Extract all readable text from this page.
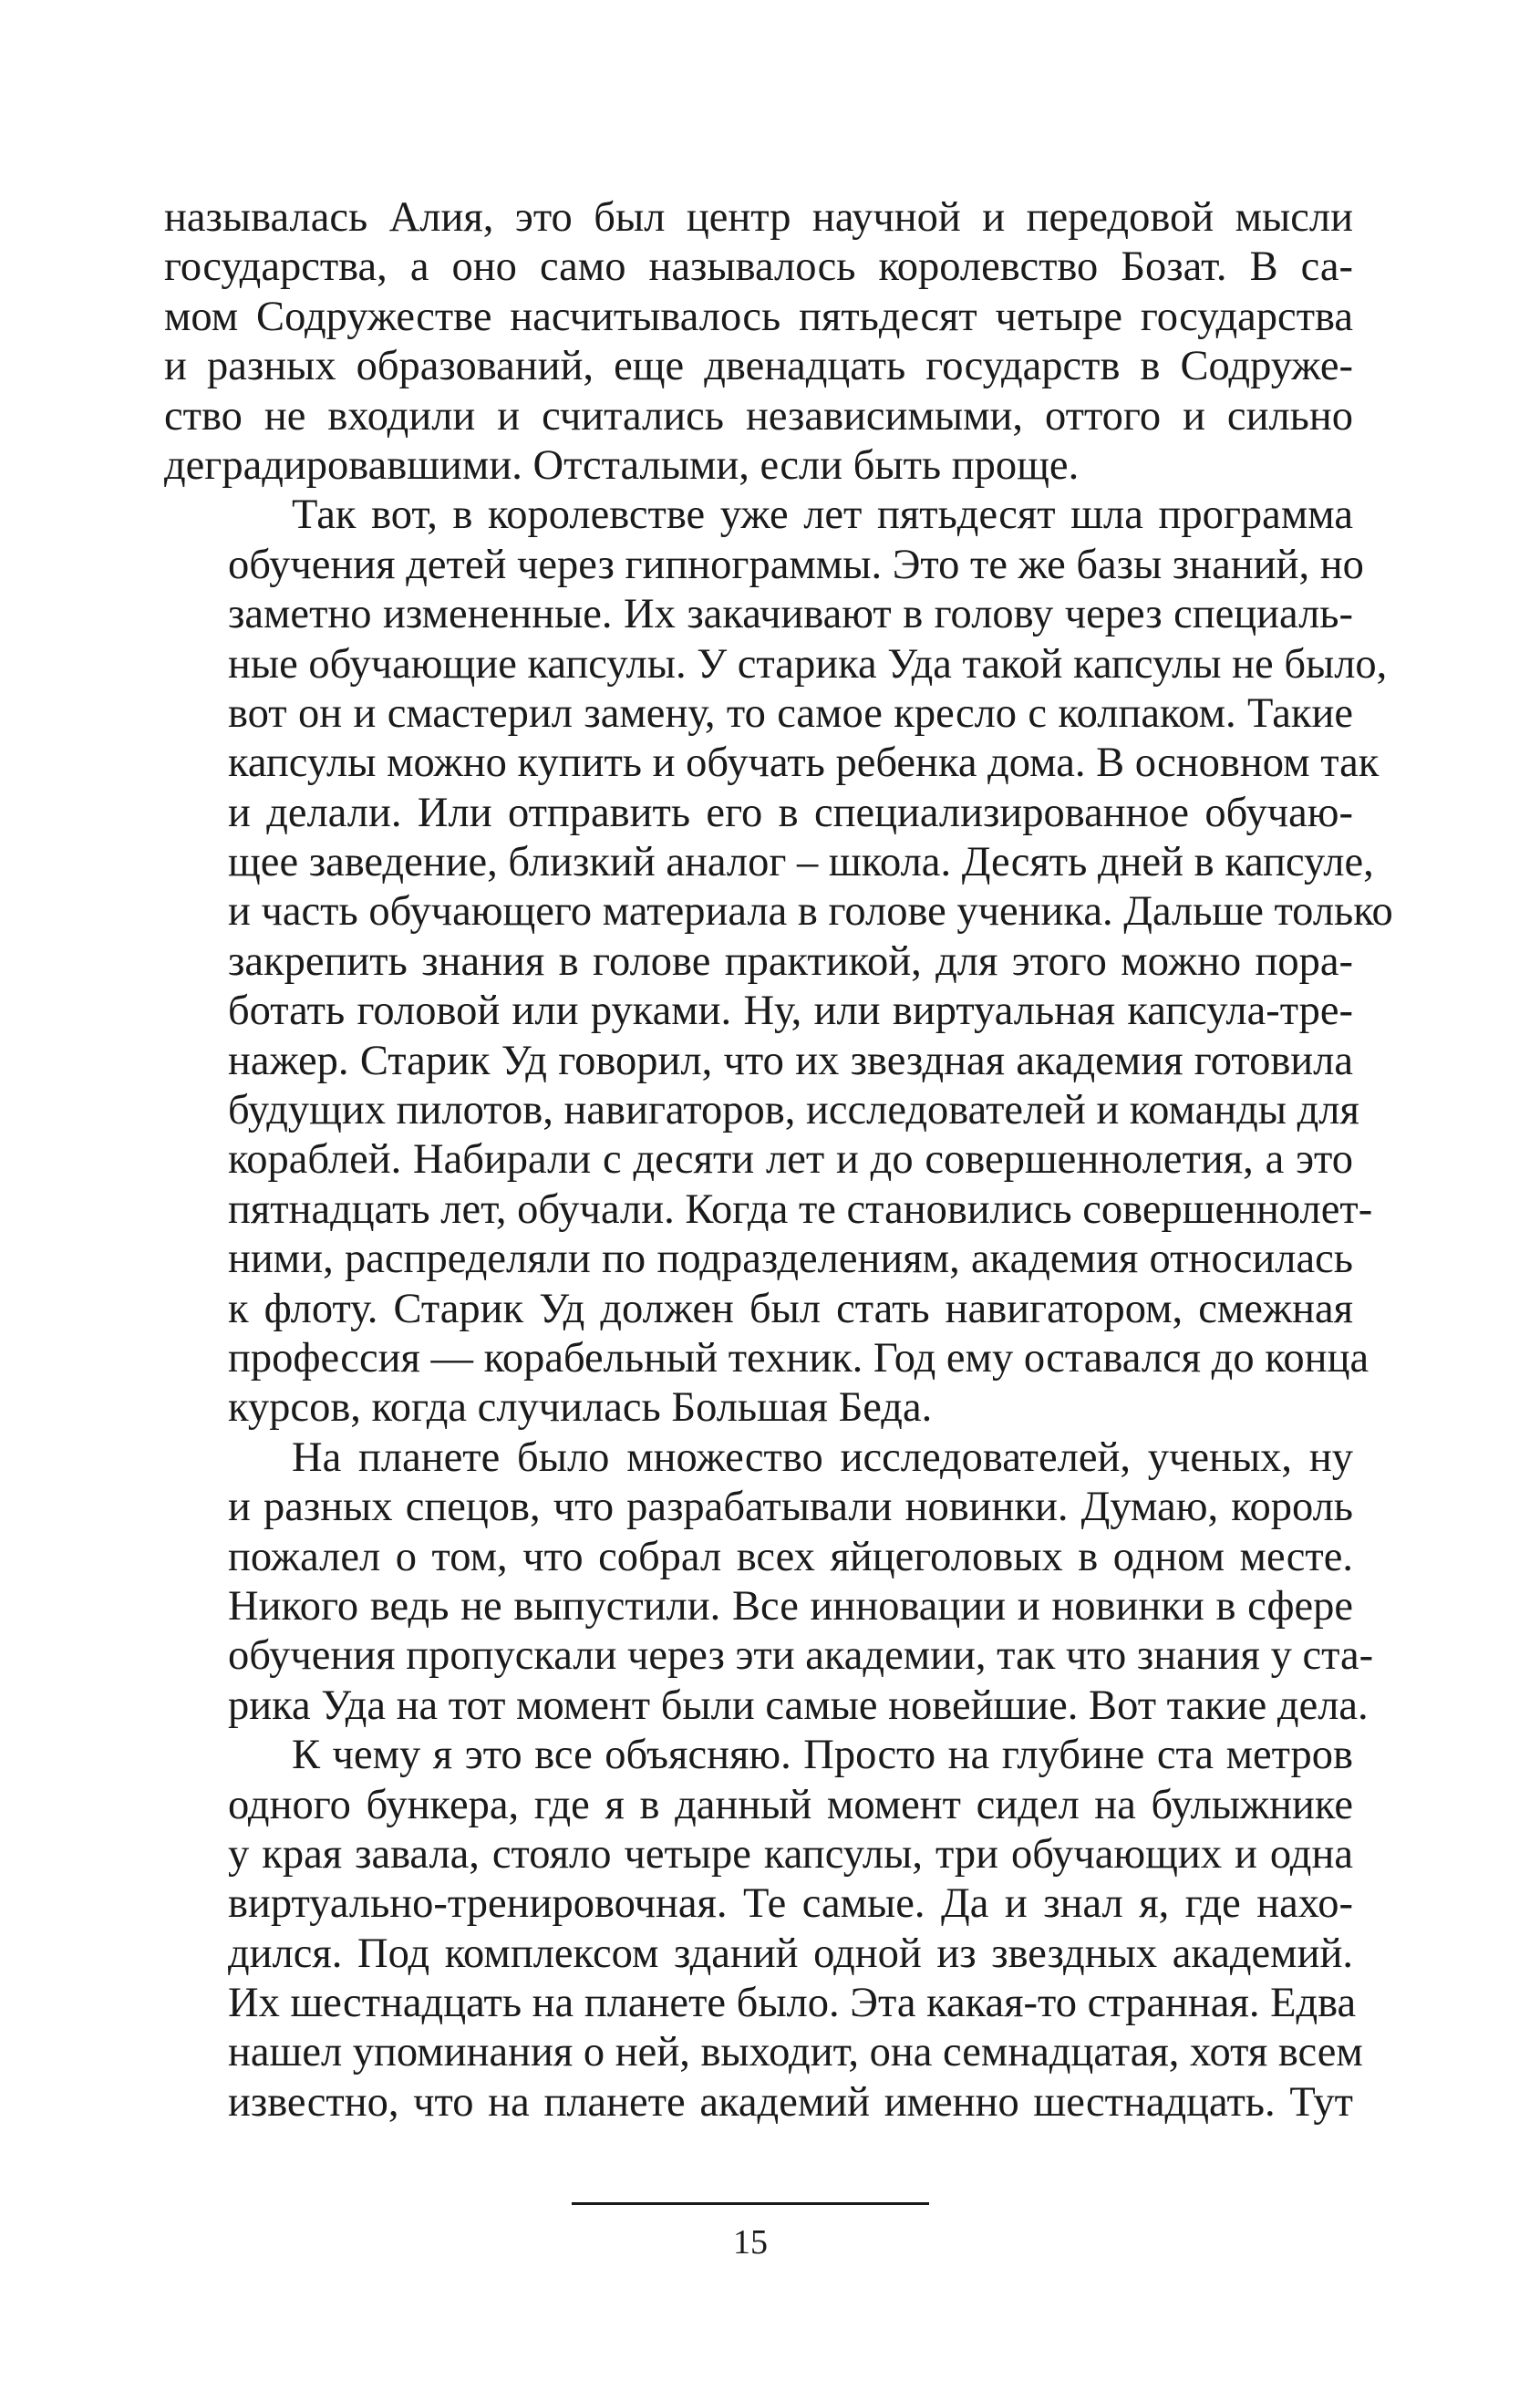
называлась Алия, это был центр научной и передовой мысли
государства, а оно само называлось королевство Бозат. В са-
мом Содружестве насчитывалось пятьдесят четыре государства
и разных образований, еще двенадцать государств в Содруже-
ство не входили и считались независимыми, оттого и сильно
деградировавшими. Отсталыми, если быть проще.
Так вот, в королевстве уже лет пятьдесят шла программа
обучения детей через гипнограммы. Это те же базы знаний, но
заметно измененные. Их закачивают в голову через специаль-
ные обучающие капсулы. У старика Уда такой капсулы не было,
вот он и смастерил замену, то самое кресло с колпаком. Такие
капсулы можно купить и обучать ребенка дома. В основном так
и делали. Или отправить его в специализированное обучаю-
щее заведение, близкий аналог – школа. Десять дней в капсуле,
и часть обучающего материала в голове ученика. Дальше только
закрепить знания в голове практикой, для этого можно пора-
ботать головой или руками. Ну, или виртуальная капсула-тре-
нажер. Старик Уд говорил, что их звездная академия готовила
будущих пилотов, навигаторов, исследователей и команды для
кораблей. Набирали с десяти лет и до совершеннолетия, а это
пятнадцать лет, обучали. Когда те становились совершеннолет-
ними, распределяли по подразделениям, академия относилась
к флоту. Старик Уд должен был стать навигатором, смежная
профессия — корабельный техник. Год ему оставался до конца
курсов, когда случилась Большая Беда.
На планете было множество исследователей, ученых, ну
и разных спецов, что разрабатывали новинки. Думаю, король
пожалел о том, что собрал всех яйцеголовых в одном месте.
Никого ведь не выпустили. Все инновации и новинки в сфере
обучения пропускали через эти академии, так что знания у ста-
рика Уда на тот момент были самые новейшие. Вот такие дела.
К чему я это все объясняю. Просто на глубине ста метров
одного бункера, где я в данный момент сидел на булыжнике
у края завала, стояло четыре капсулы, три обучающих и одна
виртуально-тренировочная. Те самые. Да и знал я, где нахо-
дился. Под комплексом зданий одной из звездных академий.
Их шестнадцать на планете было. Эта какая-то странная. Едва
нашел упоминания о ней, выходит, она семнадцатая, хотя всем
известно, что на планете академий именно шестнадцать. Тут
15
